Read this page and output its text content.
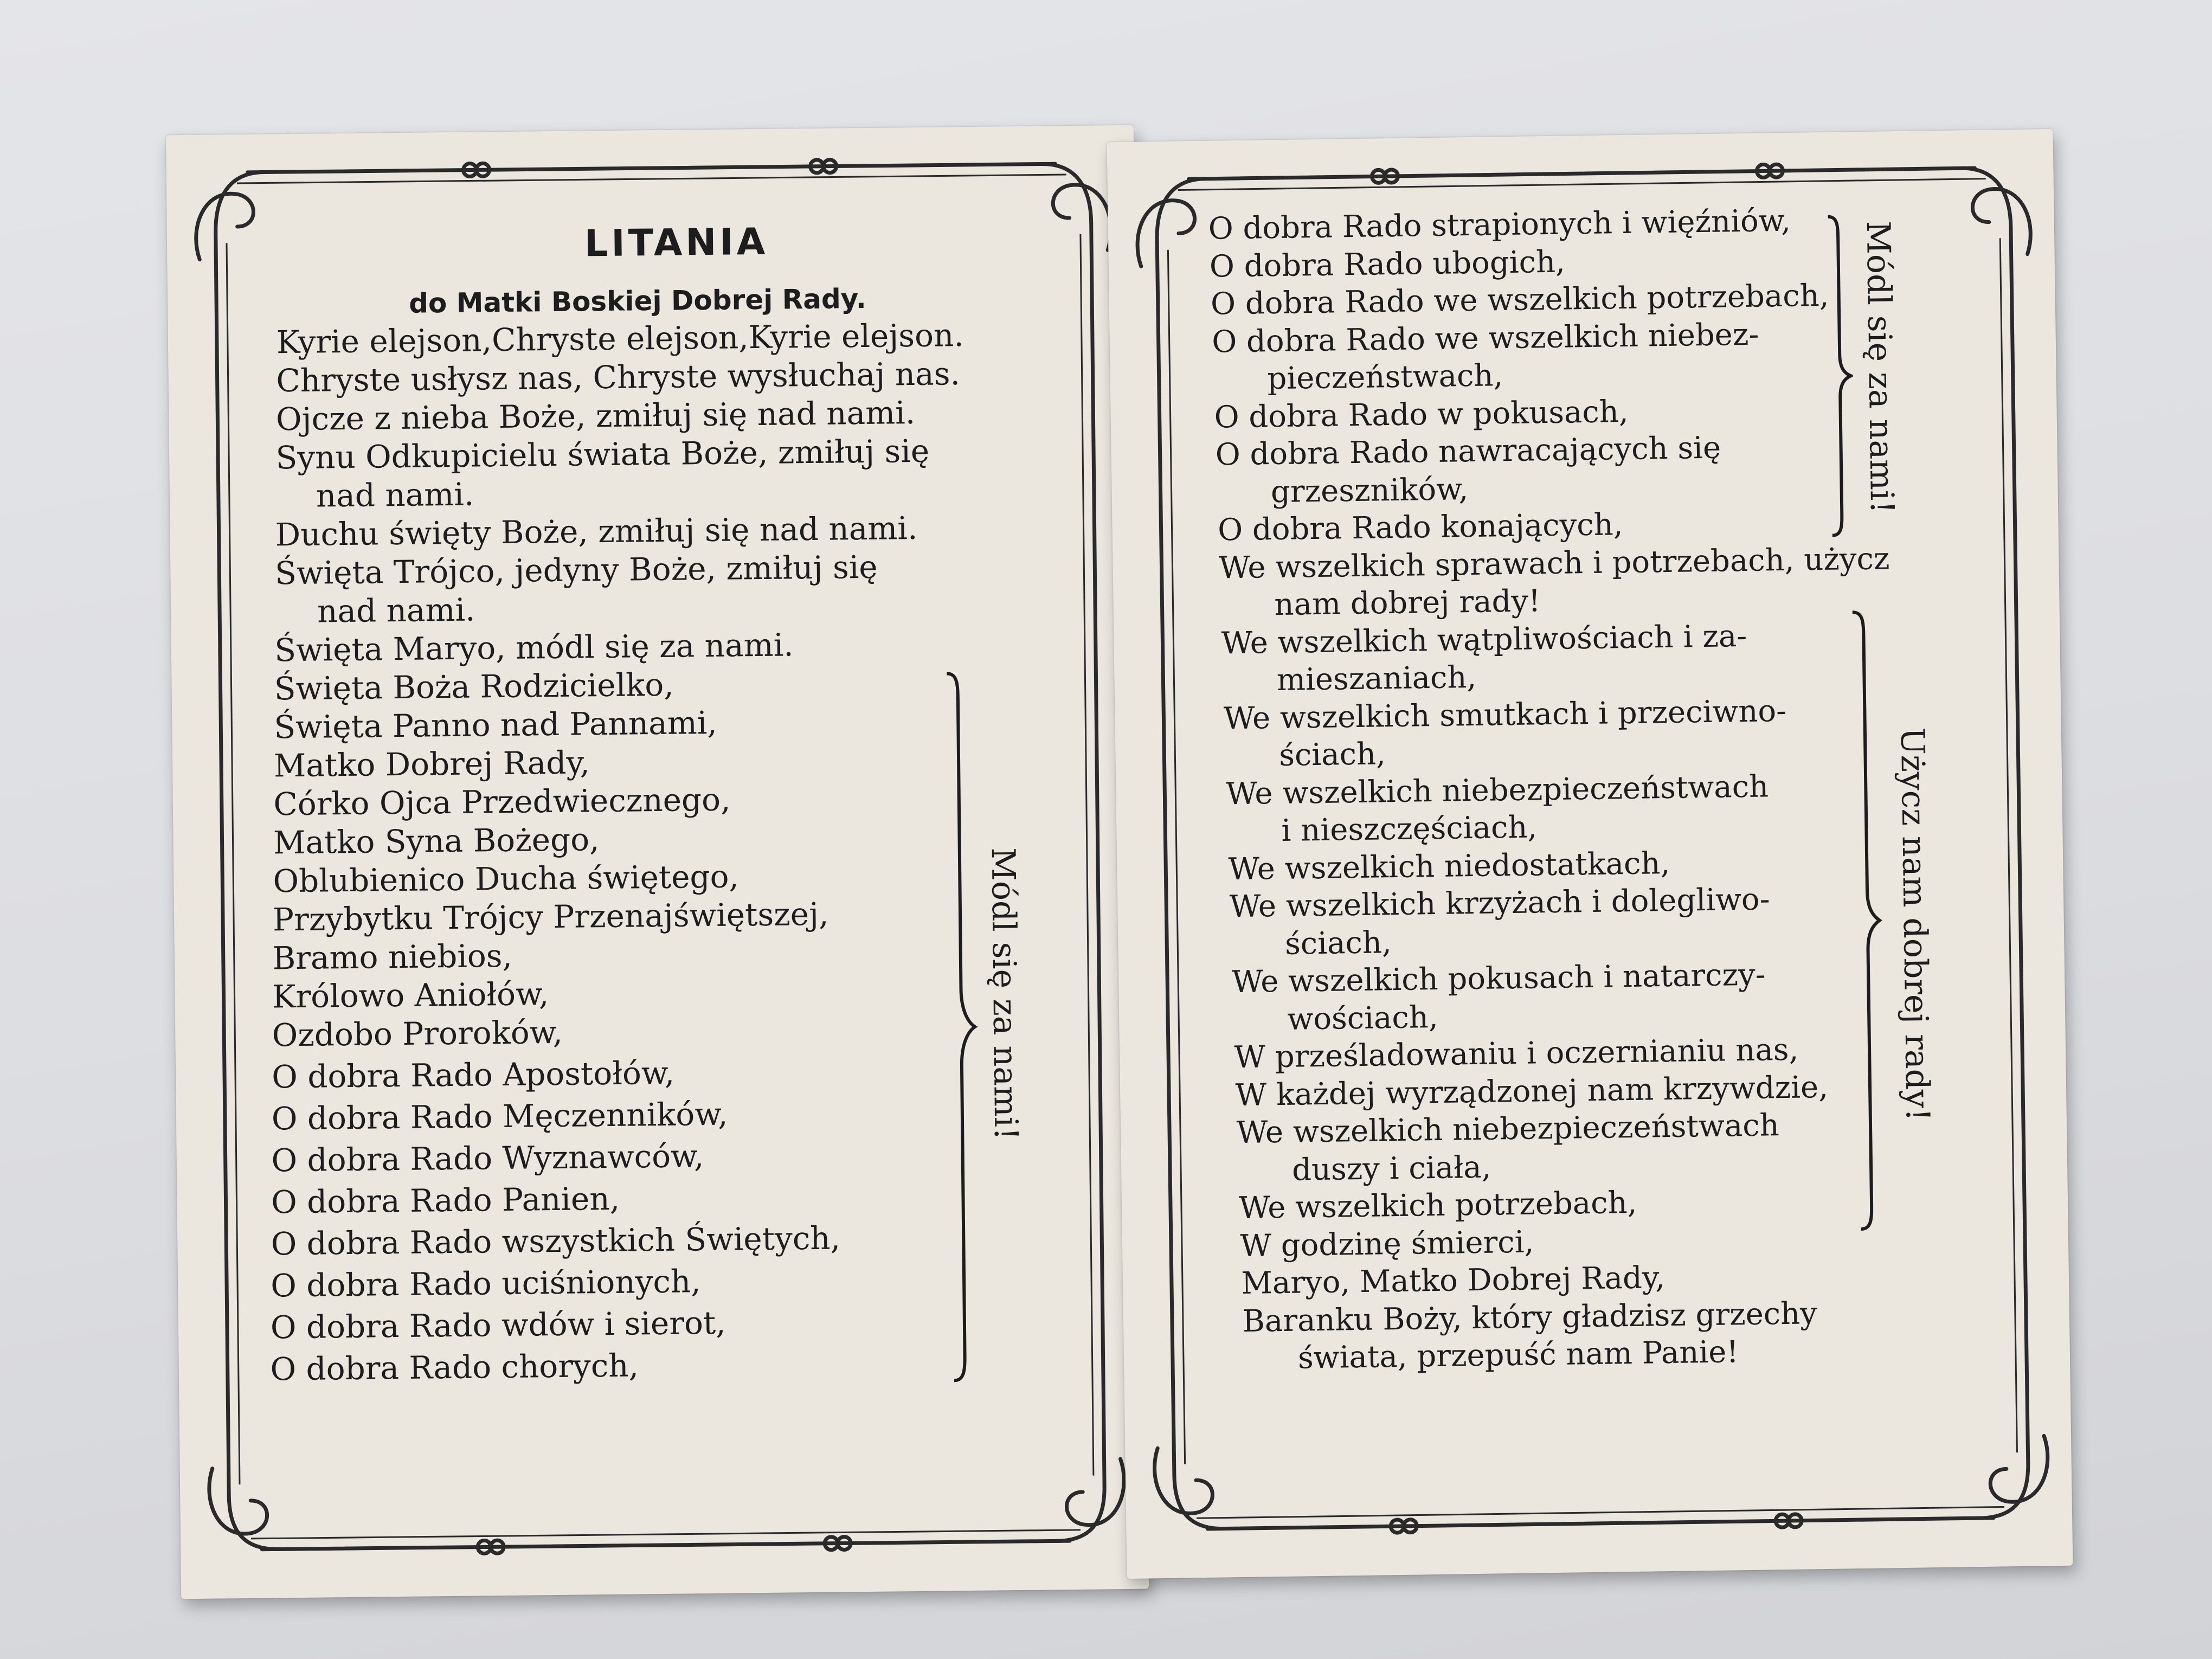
LITANIA
do Matki Boskiej Dobrej Rady.
Kyrie elejson,Chryste elejson,Kyrie elejson.
Chryste usłysz nas, Chryste wysłuchaj nas.
Ojcze z nieba Boże, zmiłuj się nad nami.
Synu Odkupicielu świata Boże, zmiłuj się
nad nami.
Duchu święty Boże, zmiłuj się nad nami.
Święta Trójco, jedyny Boże, zmiłuj się
nad nami.
Święta Maryo, módl się za nami.
Święta Boża Rodzicielko,
Święta Panno nad Pannami,
Matko Dobrej Rady,
Córko Ojca Przedwiecznego,
Matko Syna Bożego,
Oblubienico Ducha świętego,
Przybytku Trójcy Przenajświętszej,
Bramo niebios,
Królowo Aniołów,
Ozdobo Proroków,
O dobra Rado Apostołów,
O dobra Rado Męczenników,
O dobra Rado Wyznawców,
O dobra Rado Panien,
O dobra Rado wszystkich Świętych,
O dobra Rado uciśnionych,
O dobra Rado wdów i sierot,
O dobra Rado chorych,
Módl się za nami!
O dobra Rado strapionych i więźniów,
O dobra Rado ubogich,
O dobra Rado we wszelkich potrzebach,
O dobra Rado we wszelkich niebez-
pieczeństwach,
O dobra Rado w pokusach,
O dobra Rado nawracających się
grzeszników,
O dobra Rado konających,
We wszelkich sprawach i potrzebach, użycz
nam dobrej rady!
We wszelkich wątpliwościach i za-
mieszaniach,
We wszelkich smutkach i przeciwno-
ściach,
We wszelkich niebezpieczeństwach
i nieszczęściach,
We wszelkich niedostatkach,
We wszelkich krzyżach i dolegliwo-
ściach,
We wszelkich pokusach i natarczy-
wościach,
W prześladowaniu i oczernianiu nas,
W każdej wyrządzonej nam krzywdzie,
We wszelkich niebezpieczeństwach
duszy i ciała,
We wszelkich potrzebach,
W godzinę śmierci,
Maryo, Matko Dobrej Rady,
Baranku Boży, który gładzisz grzechy
świata, przepuść nam Panie!
Módl się za nami!
Użycz nam dobrej rady!
